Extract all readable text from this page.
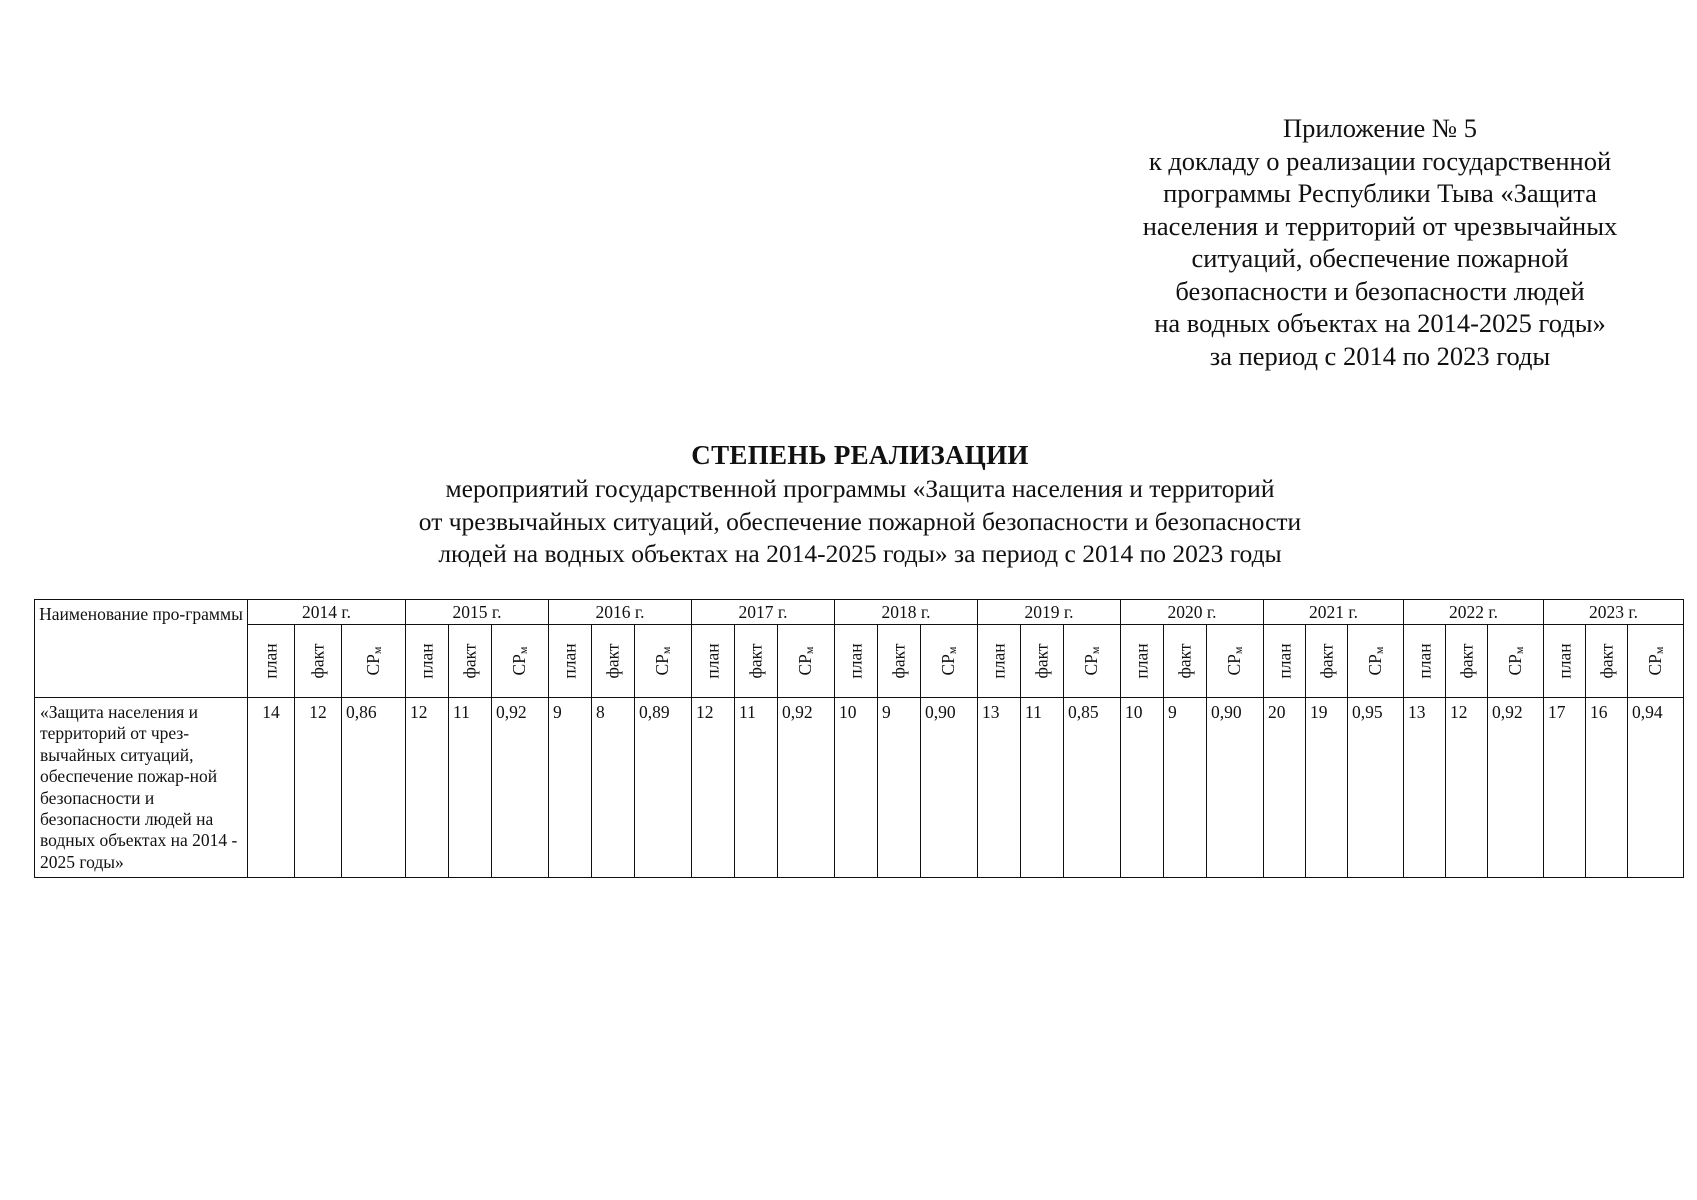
Приложение № 5
к докладу о реализации государственной
программы Республики Тыва «Защита
населения и территорий от чрезвычайных
ситуаций, обеспечение пожарной
безопасности и безопасности людей
на водных объектах на 2014-2025 годы»
за период с 2014 по 2023 годы
СТЕПЕНЬ РЕАЛИЗАЦИИ
мероприятий государственной программы «Защита населения и территорий
от чрезвычайных ситуаций, обеспечение пожарной безопасности и безопасности
людей на водных объектах на 2014-2025 годы» за период с 2014 по 2023 годы
Наименование про-граммы	2014 г.			2015 г.			2016 г.			2017 г.			2018 г.			2019 г.			2020 г.			2021 г.			2022 г.			2023 г.		

	план	факт	$СР_м$	план	факт	$СР_м$	план	факт	$СР_м$	план	факт	$СР_м$	план	факт	$СР_м$	план	факт	$СР_м$	план	факт	$СР_м$	план	факт	$СР_м$	план	факт	$СР_м$	план	факт	$СР_м$

«Защита населения и территорий от чрез-вычайных ситуаций, обеспечение пожар-ной безопасности и безопасности людей на водных объектах на 2014 - 2025 годы»	14	12	0,86	12	11	0,92	9	8	0,89	12	11	0,92	10	9	0,90	13	11	0,85	10	9	0,90	20	19	0,95	13	12	0,92	17	16	0,94
